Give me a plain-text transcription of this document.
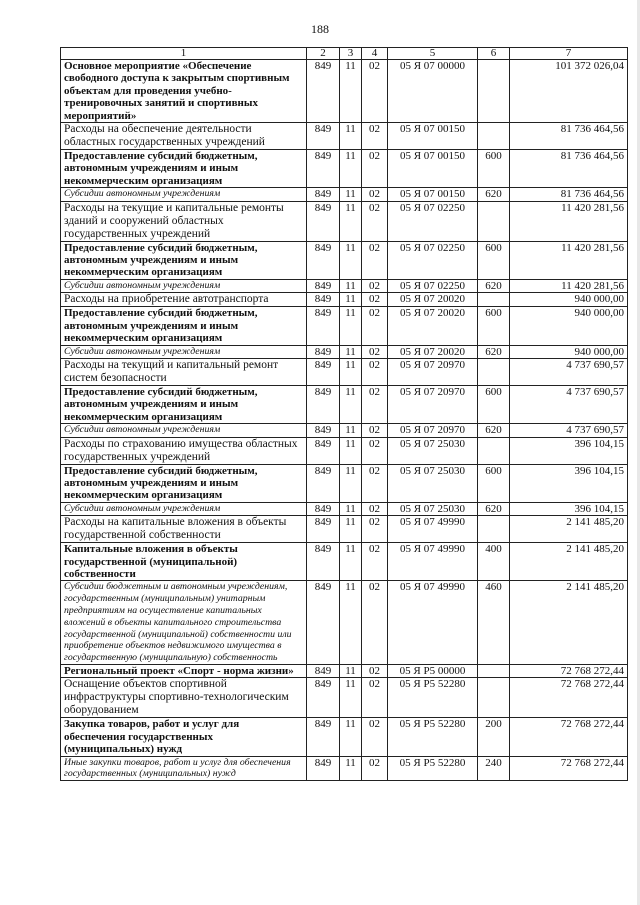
188
1	2	3	4	5	6	7
Основное мероприятие «Обеспечение свободного доступа к закрытым спортивным объектам для проведения учебно-тренировочных занятий и спортивных мероприятий»	849	11	02	05 Я 07 00000		101 372 026,04
Расходы на обеспечение деятельности областных государственных учреждений	849	11	02	05 Я 07 00150		81 736 464,56
Предоставление субсидий бюджетным, автономным учреждениям и иным некоммерческим организациям	849	11	02	05 Я 07 00150	600	81 736 464,56
Субсидии автономным учреждениям	849	11	02	05 Я 07 00150	620	81 736 464,56
Расходы на текущие и капитальные ремонты зданий и сооружений областных государственных учреждений	849	11	02	05 Я 07 02250		11 420 281,56
Предоставление субсидий бюджетным, автономным учреждениям и иным некоммерческим организациям	849	11	02	05 Я 07 02250	600	11 420 281,56
Субсидии автономным учреждениям	849	11	02	05 Я 07 02250	620	11 420 281,56
Расходы на приобретение автотранспорта	849	11	02	05 Я 07 20020		940 000,00
Предоставление субсидий бюджетным, автономным учреждениям и иным некоммерческим организациям	849	11	02	05 Я 07 20020	600	940 000,00
Субсидии автономным учреждениям	849	11	02	05 Я 07 20020	620	940 000,00
Расходы на текущий и капитальный ремонт систем безопасности	849	11	02	05 Я 07 20970		4 737 690,57
Предоставление субсидий бюджетным, автономным учреждениям и иным некоммерческим организациям	849	11	02	05 Я 07 20970	600	4 737 690,57
Субсидии автономным учреждениям	849	11	02	05 Я 07 20970	620	4 737 690,57
Расходы по страхованию имущества областных государственных учреждений	849	11	02	05 Я 07 25030		396 104,15
Предоставление субсидий бюджетным, автономным учреждениям и иным некоммерческим организациям	849	11	02	05 Я 07 25030	600	396 104,15
Субсидии автономным учреждениям	849	11	02	05 Я 07 25030	620	396 104,15
Расходы на капитальные вложения в объекты государственной собственности	849	11	02	05 Я 07 49990		2 141 485,20
Капитальные вложения в объекты государственной (муниципальной) собственности	849	11	02	05 Я 07 49990	400	2 141 485,20
Субсидии бюджетным и автономным учреждениям, государственным (муниципальным) унитарным предприятиям на осуществление капитальных вложений в объекты капитального строительства государственной (муниципальной) собственности или приобретение объектов недвижимого имущества в государственную (муниципальную) собственность	849	11	02	05 Я 07 49990	460	2 141 485,20
Региональный проект «Спорт - норма жизни»	849	11	02	05 Я P5 00000		72 768 272,44
Оснащение объектов спортивной инфраструктуры спортивно-технологическим оборудованием	849	11	02	05 Я P5 52280		72 768 272,44
Закупка товаров, работ и услуг для обеспечения государственных (муниципальных) нужд	849	11	02	05 Я P5 52280	200	72 768 272,44
Иные закупки товаров, работ и услуг для обеспечения государственных (муниципальных) нужд	849	11	02	05 Я P5 52280	240	72 768 272,44
